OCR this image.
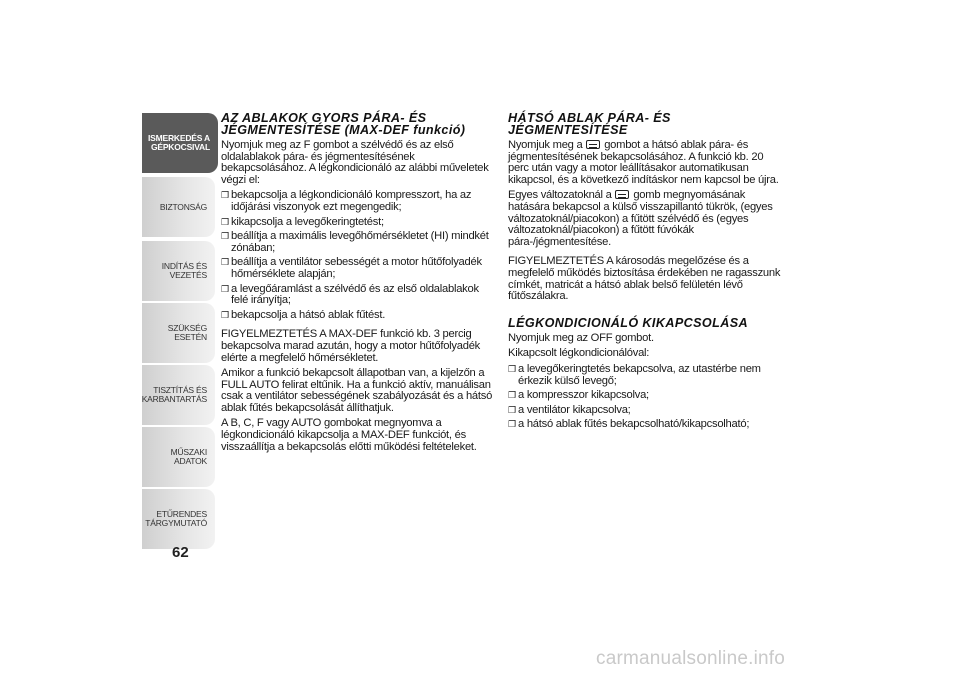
ISMERKEDÉS A
GÉPKOCSIVAL
BIZTONSÁG
INDÍTÁS ÉS VEZETÉS
SZÜKSÉG ESETÉN
TISZTÍTÁS ÉS
KARBANTARTÁS
MŰSZAKI ADATOK
ETŰRENDES
TÁRGYMUTATÓ
62
AZ ABLAKOK GYORS PÁRA- ÉS
JÉGMENTESÍTÉSE (MAX-DEF funkció)

Nyomjuk meg az F gombot a szélvédő és az első oldalablakok pára- és jégmentesítésének bekapcsolásához. A légkondicionáló az alábbi műveletek végzi el:

❒ bekapcsolja a légkondicionáló kompresszort, ha az időjárási viszonyok ezt megengedik;
❒ kikapcsolja a levegőkeringtetést;
❒ beállítja a maximális levegőhőmérsékletet (HI) mindkét zónában;
❒ beállítja a ventilátor sebességét a motor hűtőfolyadék hőmérséklete alapján;
❒ a levegőáramlást a szélvédő és az első oldalablakok felé irányítja;
❒ bekapcsolja a hátsó ablak fűtést.

FIGYELMEZTETÉS A MAX-DEF funkció kb. 3 percig bekapcsolva marad azután, hogy a motor hűtőfolyadék elérte a megfelelő hőmérsékletet.

Amikor a funkció bekapcsolt állapotban van, a kijelzőn a FULL AUTO felirat eltűnik. Ha a funkció aktív, manuálisan csak a ventilátor sebességének szabályozását és a hátsó ablak fűtés bekapcsolását állíthatjuk.

A B, C, F vagy AUTO gombokat megnyomva a légkondicionáló kikapcsolja a MAX-DEF funkciót, és visszaállítja a bekapcsolás előtti működési feltételeket.

HÁTSÓ ABLAK PÁRA- ÉS
JÉGMENTESÍTÉSE

Nyomjuk meg a gombot a hátsó ablak pára- és jégmentesítésének bekapcsolásához. A funkció kb. 20 perc után vagy a motor leállításakor automatikusan kikapcsol, és a következő indításkor nem kapcsol be újra.

Egyes változatoknál a gomb megnyomásának hatására bekapcsol a külső visszapillantó tükrök, (egyes változatoknál/piacokon) a fűtött szélvédő és (egyes változatoknál/piacokon) a fűtött fúvókák pára-/jégmentesítése.

FIGYELMEZTETÉS A károsodás megelőzése és a megfelelő működés biztosítása érdekében ne ragasszunk címkét, matricát a hátsó ablak belső felületén lévő fűtőszálakra.

LÉGKONDICIONÁLÓ KIKAPCSOLÁSA

Nyomjuk meg az OFF gombot.

Kikapcsolt légkondicionálóval:

❒ a levegőkeringtetés bekapcsolva, az utastérbe nem érkezik külső levegő;
❒ a kompresszor kikapcsolva;
❒ a ventilátor kikapcsolva;
❒ a hátsó ablak fűtés bekapcsolható/kikapcsolható;
carmanualsonline.info
